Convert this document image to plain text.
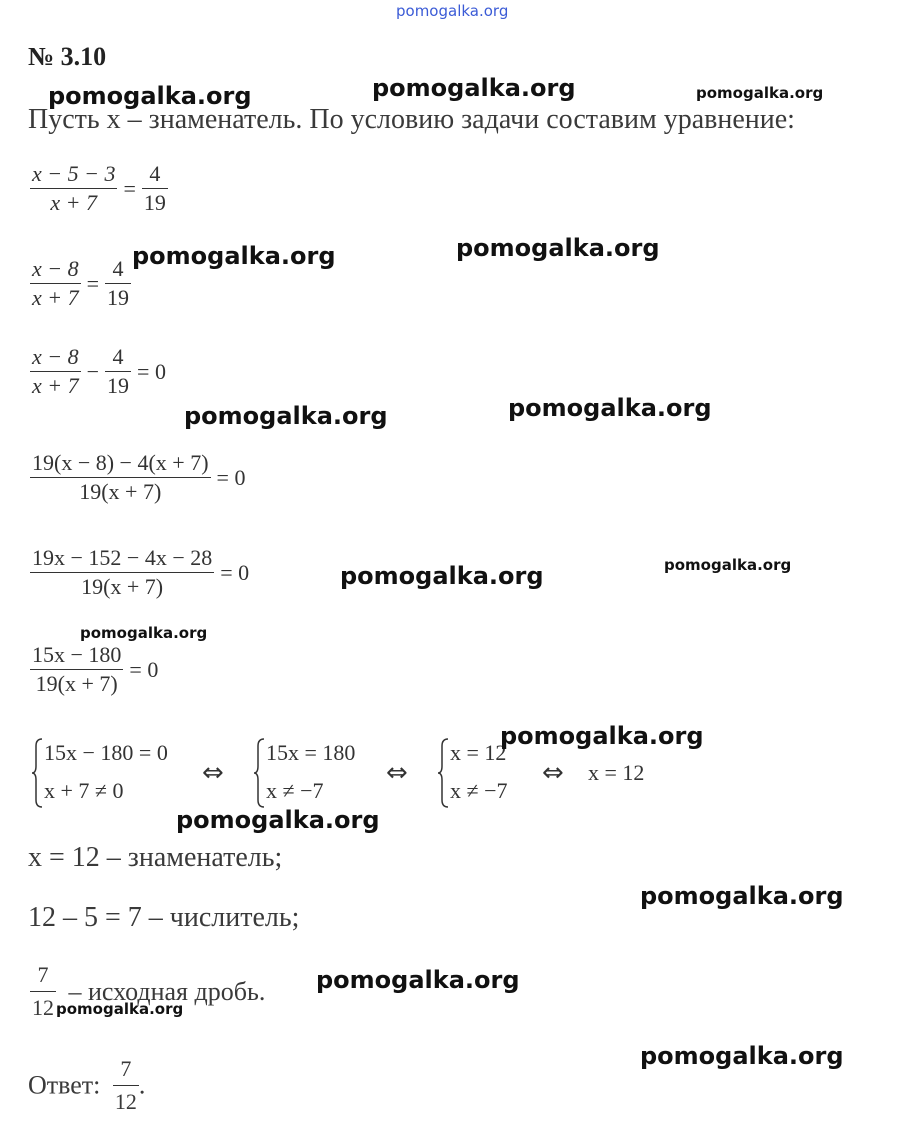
pomogalka.org
№ 3.10
Пусть x – знаменатель. По условию задачи составим уравнение:
$\frac{x - 5 - 3}{x + 7} = \frac{4}{19}$
$\frac{x - 8}{x + 7} = \frac{4}{19}$
$\frac{x - 8}{x + 7} - \frac{4}{19} = 0$
$\frac{19(x - 8) - 4(x + 7)}{19(x + 7)} = 0$
$\frac{19x - 152 - 4x - 28}{19(x + 7)} = 0$
$\frac{15x - 180}{19(x + 7)} = 0$
15x − 180 = 0
x + 7 ≠ 0
⇔
15x = 180
x ≠ −7
⇔
x = 12
x ≠ −7
⇔ x = 12
x = 12 – знаменатель;
12 – 5 = 7 – числитель;
$\frac{7}{12}$ – исходная дробь.
Ответ: $\frac{7}{12}$ .
pomogalka.org	pomogalka.org	pomogalka.org
pomogalka.org	pomogalka.org
pomogalka.org	pomogalka.org
pomogalka.org	pomogalka.org
pomogalka.org
pomogalka.org
pomogalka.org
pomogalka.org
pomogalka.org
pomogalka.org
pomogalka.org
